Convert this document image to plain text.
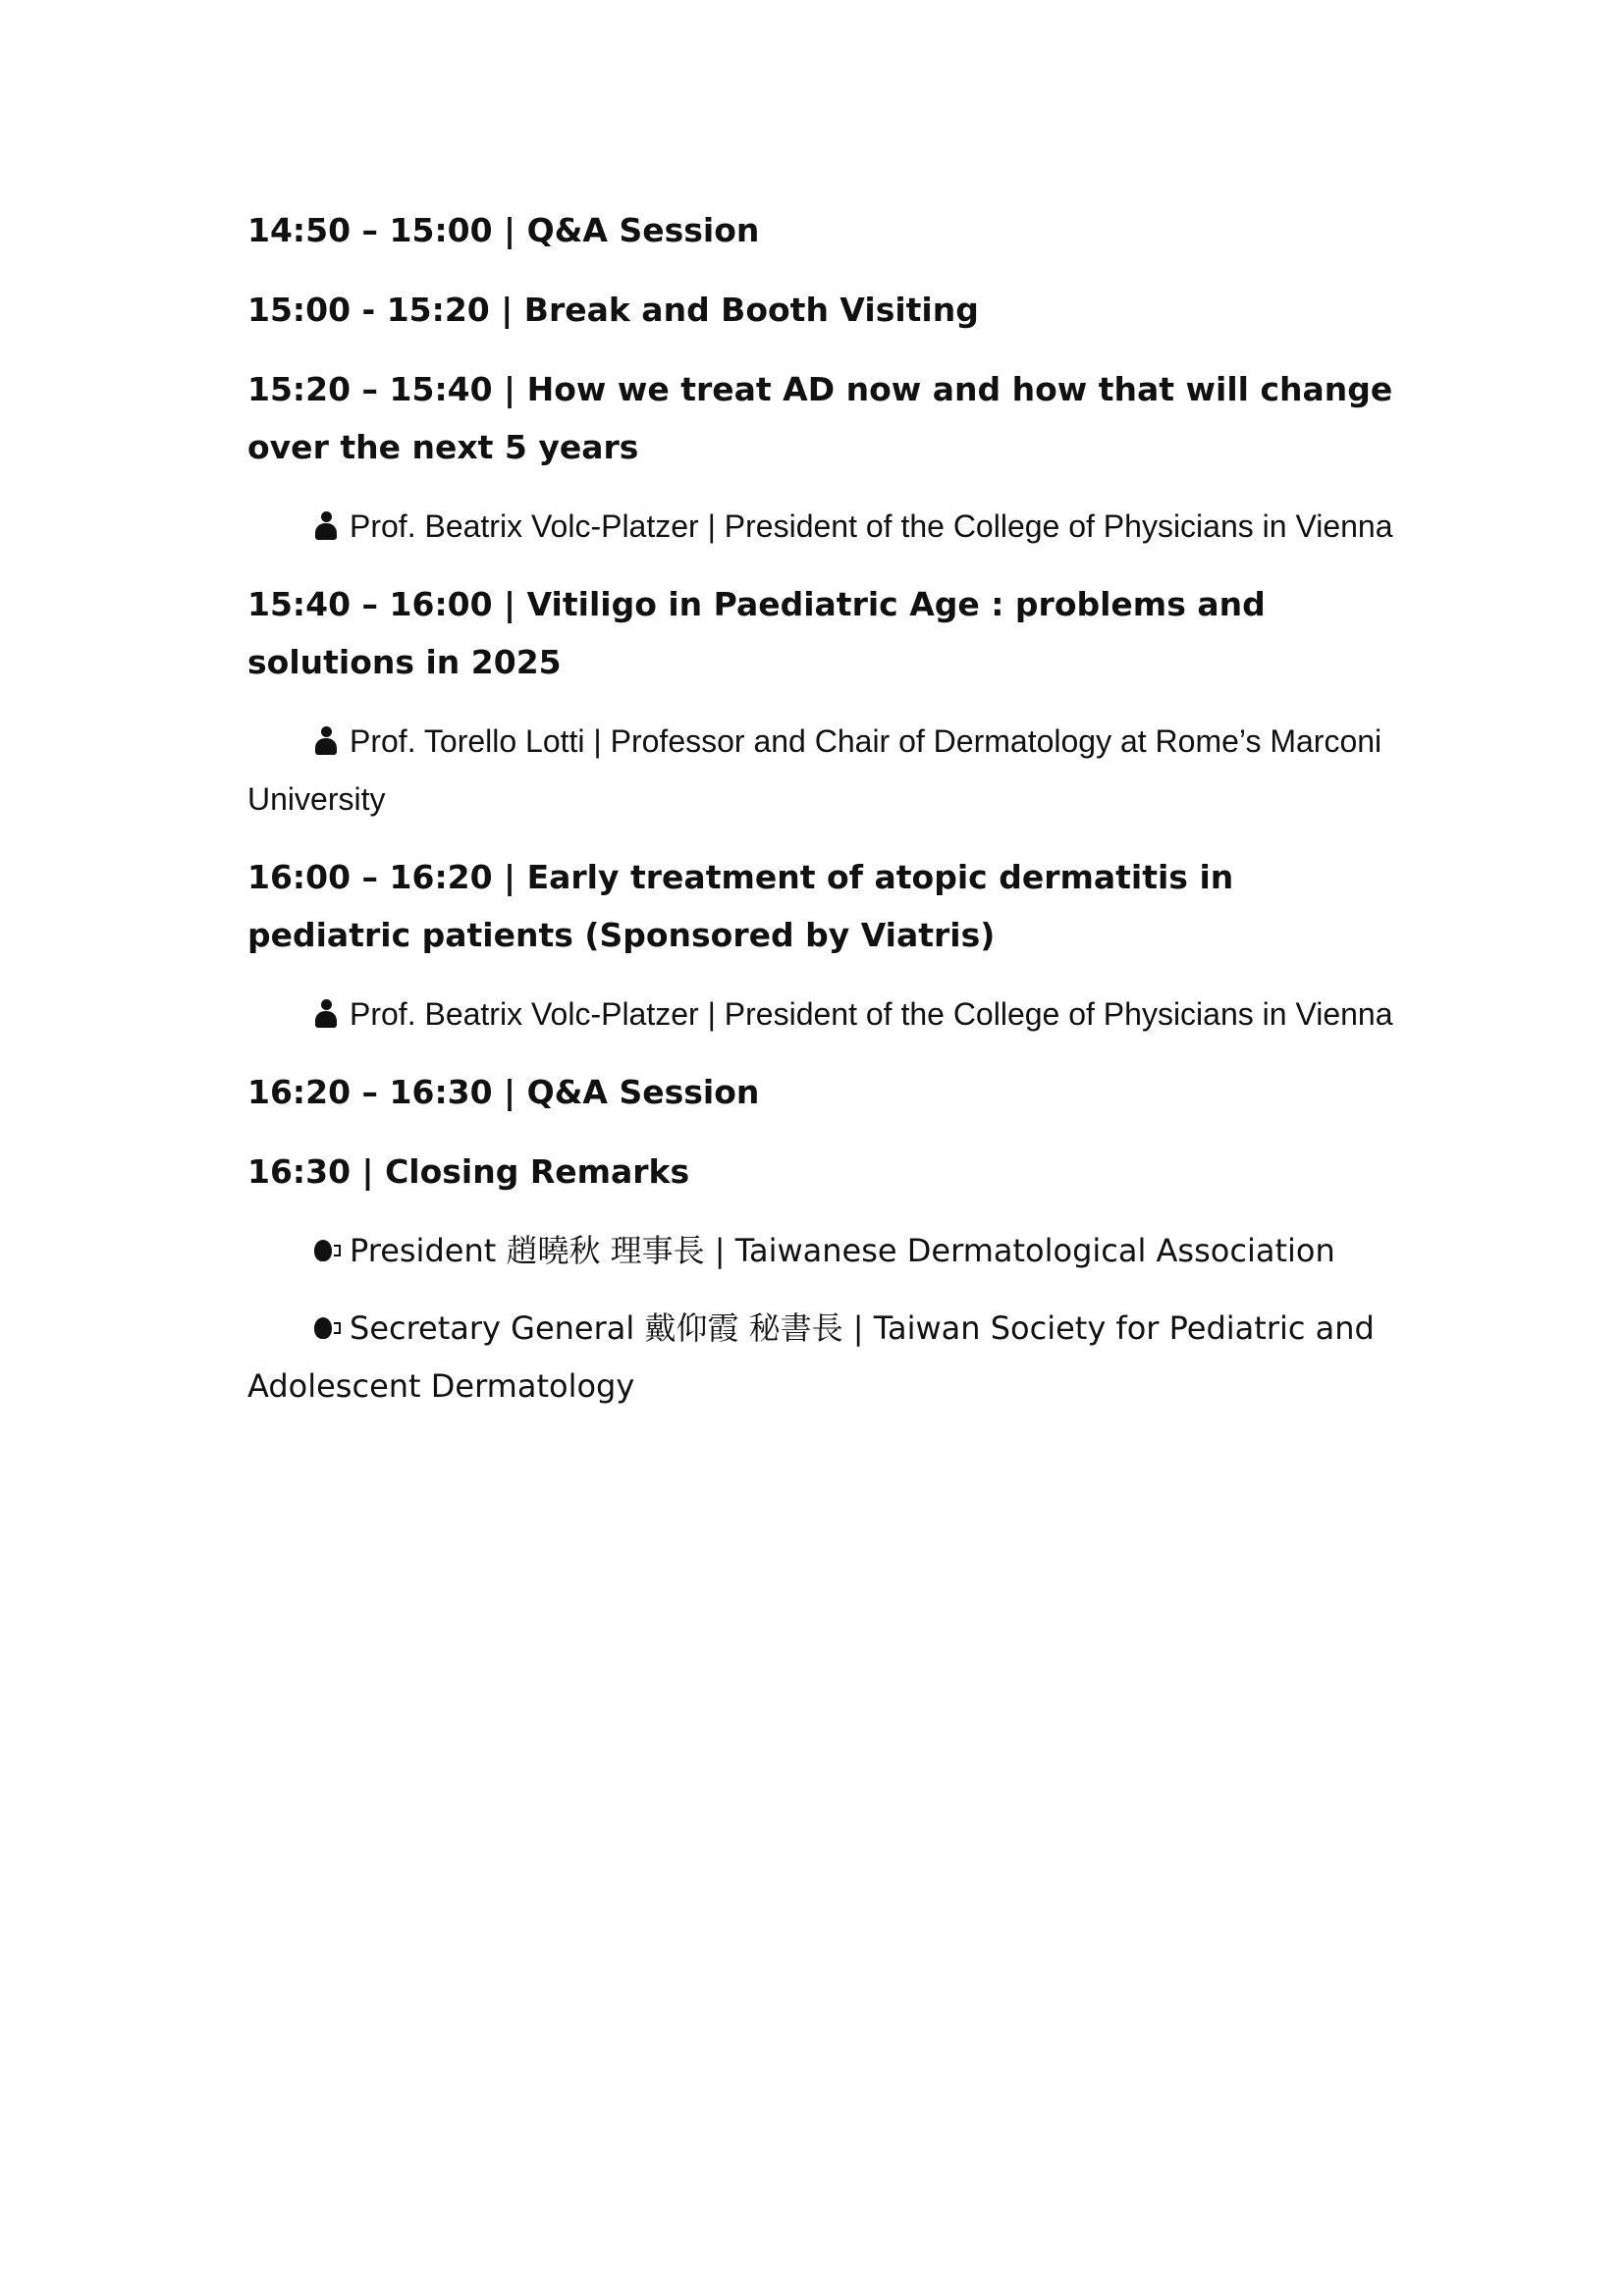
14:50 – 15:00 | Q&A Session
15:00 - 15:20 | Break and Booth Visiting
15:20 – 15:40 | How we treat AD now and how that will change over the next 5 years
Prof. Beatrix Volc-Platzer | President of the College of Physicians in Vienna
15:40 – 16:00 | Vitiligo in Paediatric Age : problems and solutions in 2025
Prof. Torello Lotti | Professor and Chair of Dermatology at Rome’s Marconi University
16:00 – 16:20 | Early treatment of atopic dermatitis in pediatric patients (Sponsored by Viatris)
Prof. Beatrix Volc-Platzer | President of the College of Physicians in Vienna
16:20 – 16:30 | Q&A Session
16:30 | Closing Remarks
President 趙曉秋 理事長 | Taiwanese Dermatological Association
Secretary General 戴仰霞 秘書長 | Taiwan Society for Pediatric and Adolescent Dermatology
